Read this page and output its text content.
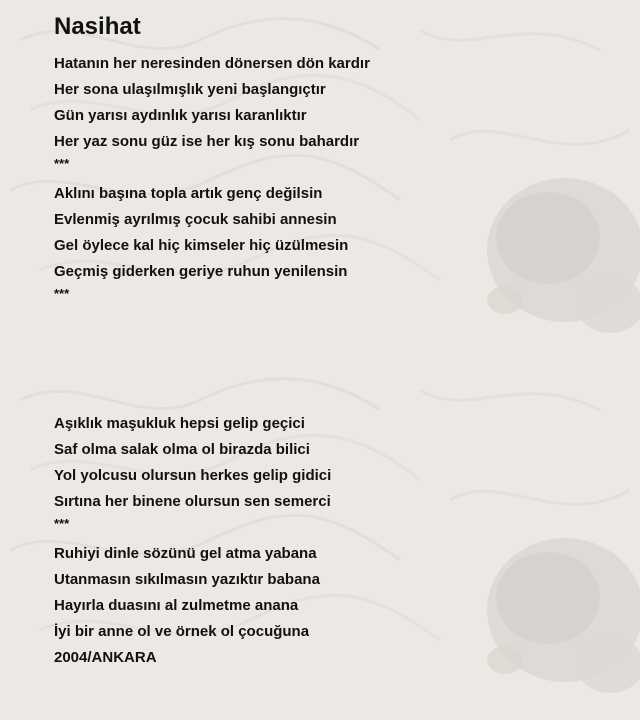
Nasihat
Hatanın her neresinden dönersen dön kardır
Her sona ulaşılmışlık yeni başlangıçtır
Gün yarısı aydınlık yarısı karanlıktır
Her yaz sonu güz ise her kış sonu bahardır
***
Aklını başına topla artık genç değilsin
Evlenmiş ayrılmış çocuk sahibi annesin
Gel öylece kal hiç kimseler hiç üzülmesin
Geçmiş giderken geriye ruhun yenilensin
***
Aşıklık maşukluk hepsi gelip geçici
Saf olma salak olma ol birazda bilici
Yol yolcusu olursun herkes gelip gidici
Sırtına her binene olursun sen semerci
***
Ruhiyi dinle sözünü gel atma yabana
Utanmasın sıkılmasın yazıktır babana
Hayırla duasını al zulmetme anana
İyi bir anne ol ve örnek ol çocuğuna
2004/ANKARA
